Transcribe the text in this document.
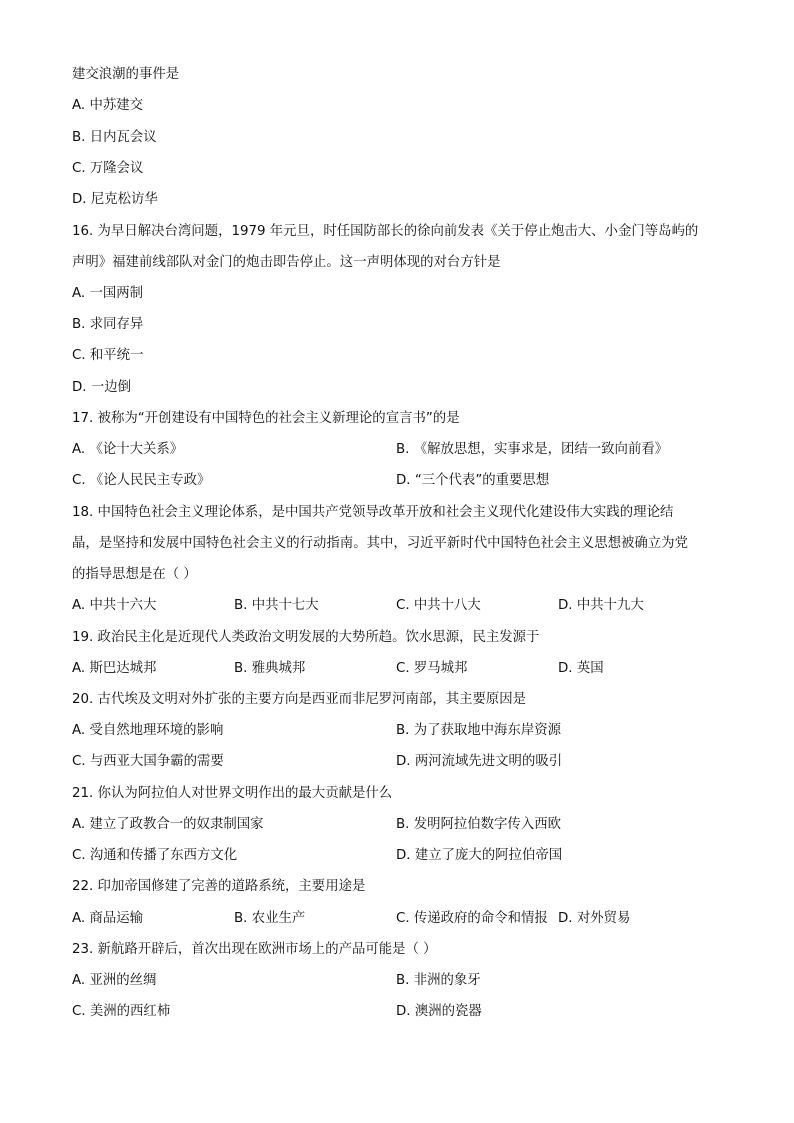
建交浪潮的事件是
A. 中苏建交
B. 日内瓦会议
C. 万隆会议
D. 尼克松访华
16. 为早日解决台湾问题，1979 年元旦，时任国防部长的徐向前发表《关于停止炮击大、小金门等岛屿的
声明》福建前线部队对金门的炮击即告停止。这一声明体现的对台方针是
A. 一国两制
B. 求同存异
C. 和平统一
D. 一边倒
17. 被称为“开创建设有中国特色的社会主义新理论的宣言书”的是
A. 《论十大关系》	B. 《解放思想，实事求是，团结一致向前看》
C. 《论人民民主专政》	D. “三个代表”的重要思想
18. 中国特色社会主义理论体系，是中国共产党领导改革开放和社会主义现代化建设伟大实践的理论结
晶，是坚持和发展中国特色社会主义的行动指南。其中，习近平新时代中国特色社会主义思想被确立为党
的指导思想是在（ ）
A. 中共十六大	B. 中共十七大	C. 中共十八大	D. 中共十九大
19. 政治民主化是近现代人类政治文明发展的大势所趋。饮水思源，民主发源于
A. 斯巴达城邦	B. 雅典城邦	C. 罗马城邦	D. 英国
20. 古代埃及文明对外扩张的主要方向是西亚而非尼罗河南部，其主要原因是
A. 受自然地理环境的影响	B. 为了获取地中海东岸资源
C. 与西亚大国争霸的需要	D. 两河流域先进文明的吸引
21. 你认为阿拉伯人对世界文明作出的最大贡献是什么
A. 建立了政教合一的奴隶制国家	B. 发明阿拉伯数字传入西欧
C. 沟通和传播了东西方文化	D. 建立了庞大的阿拉伯帝国
22. 印加帝国修建了完善的道路系统，主要用途是
A. 商品运输	B. 农业生产	C. 传递政府的命令和情报 D. 对外贸易
23. 新航路开辟后，首次出现在欧洲市场上的产品可能是（ ）
A. 亚洲的丝绸	B. 非洲的象牙
C. 美洲的西红柿	D. 澳洲的瓷器
